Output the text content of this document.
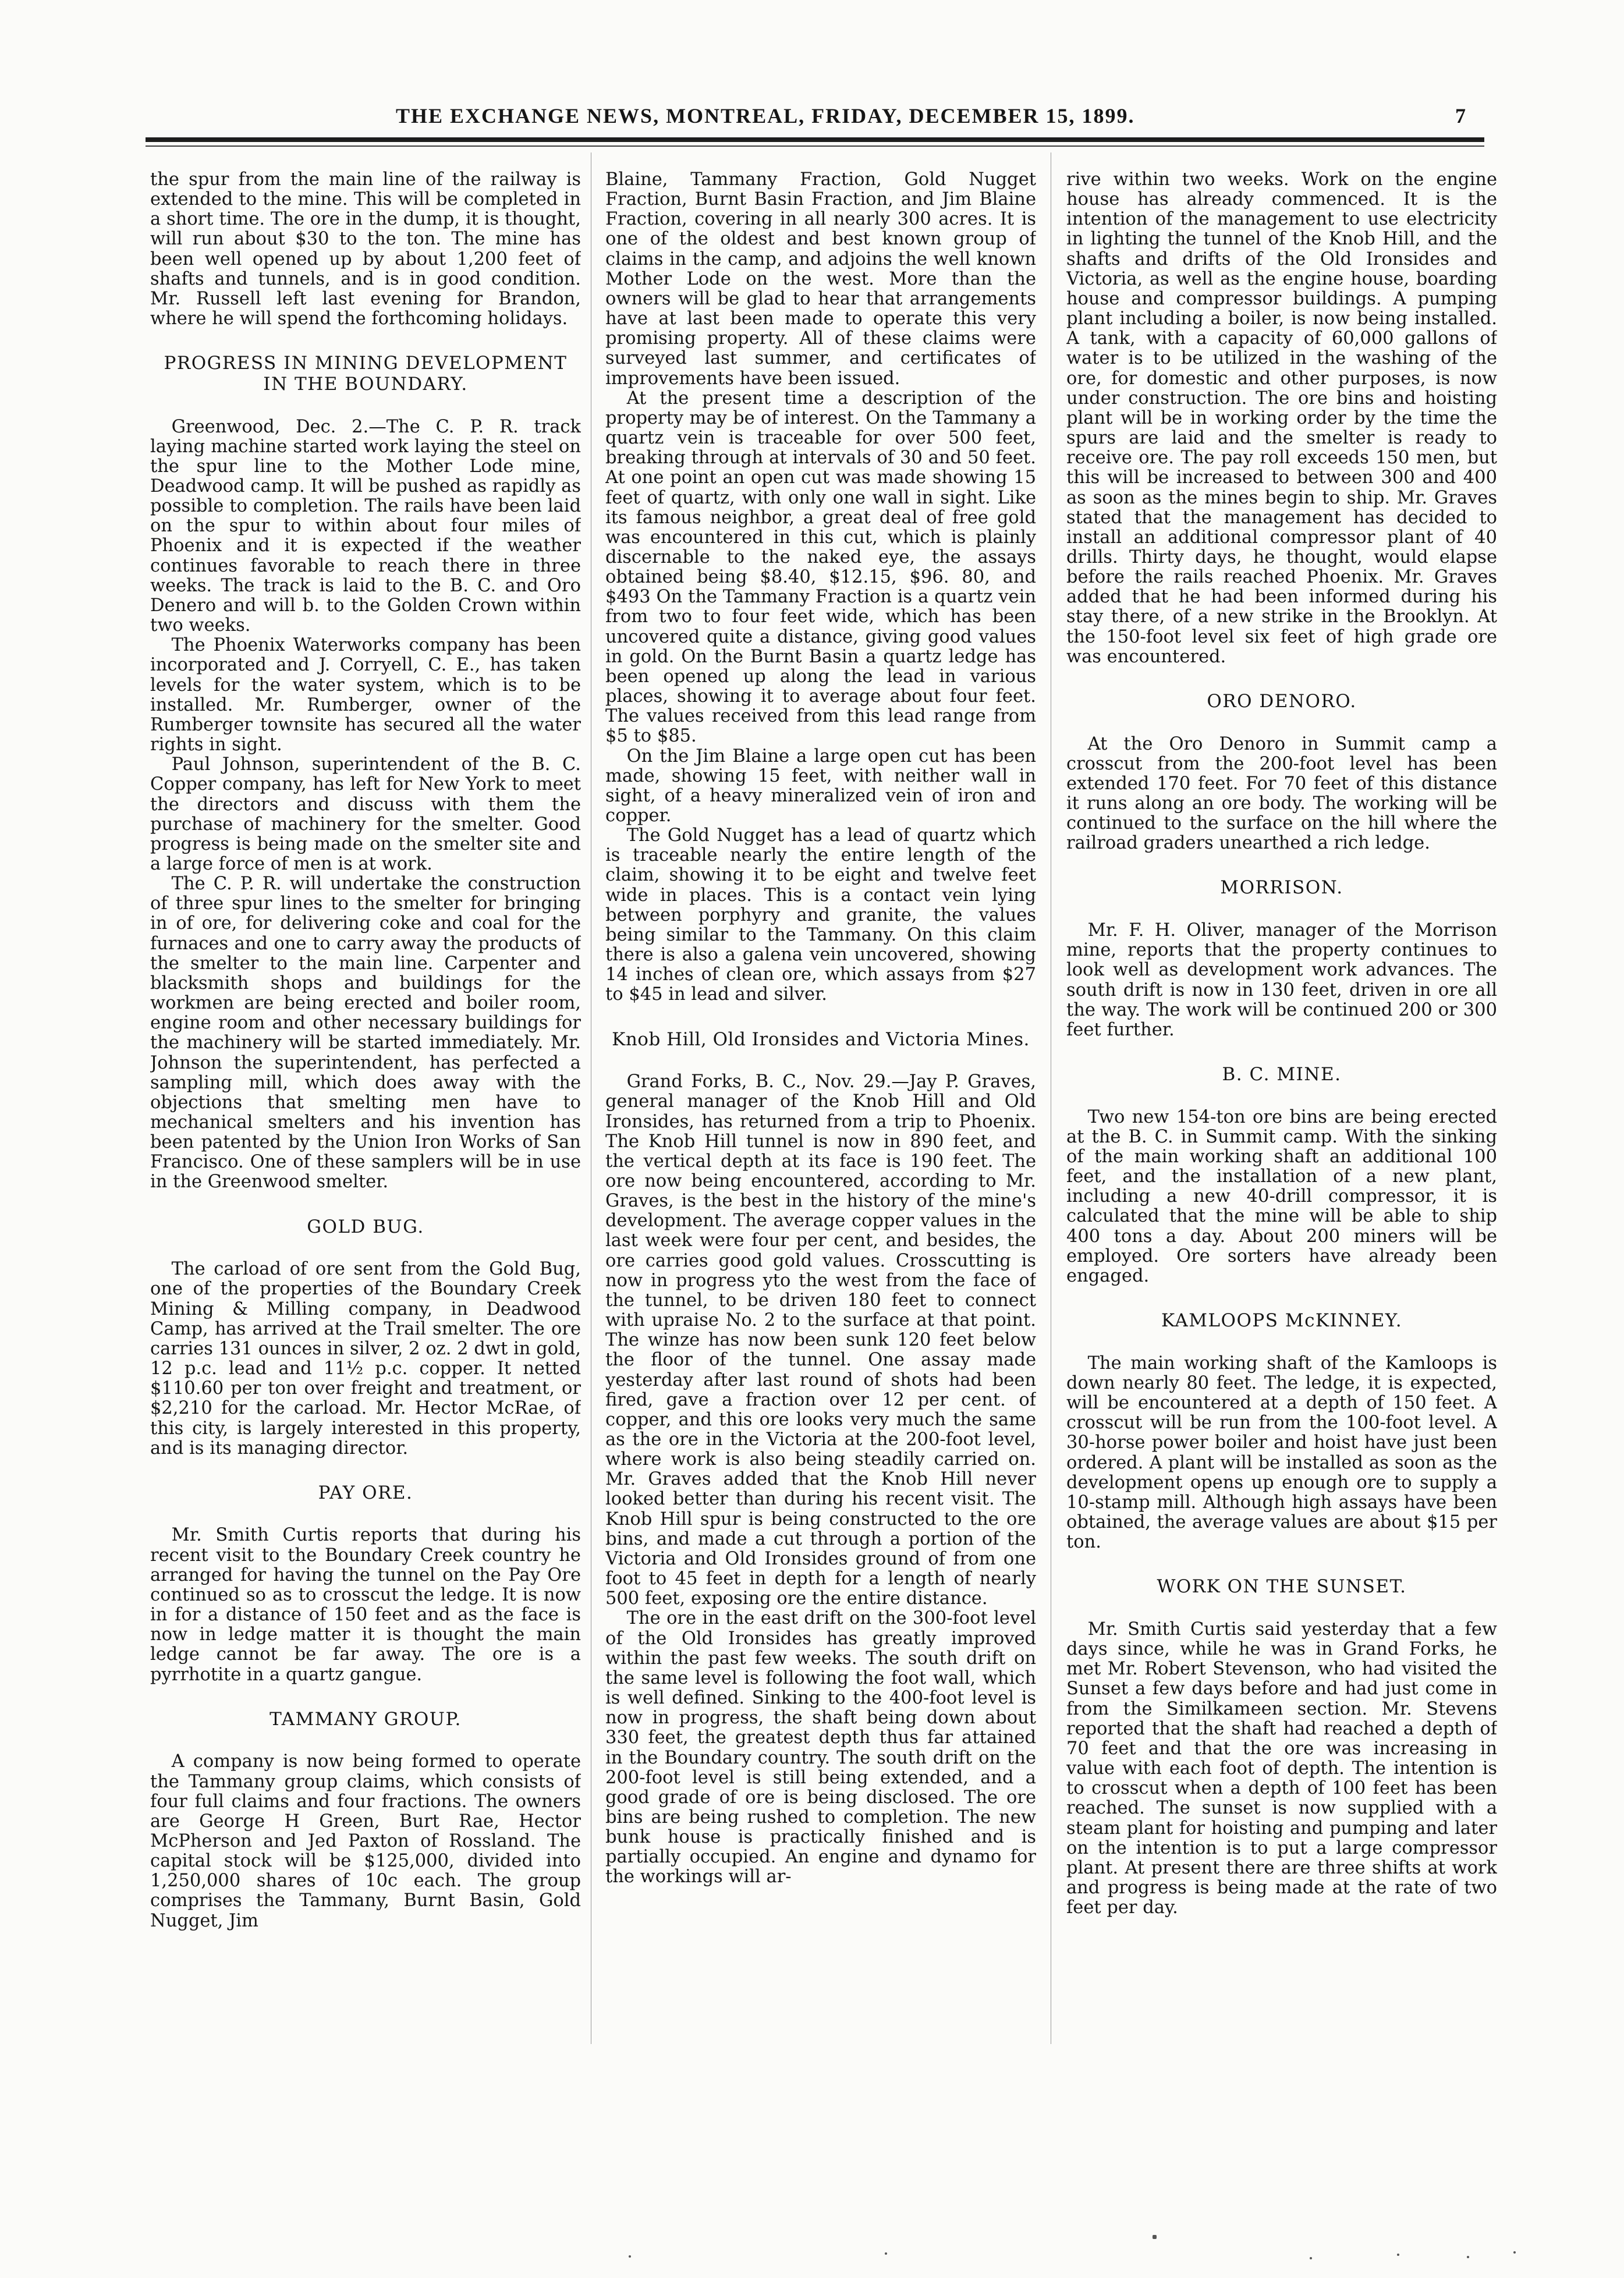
THE EXCHANGE NEWS, MONTREAL, FRIDAY, DECEMBER 15, 1899.	7

the spur from the main line of the railway is extended to the mine. This will be completed in a short time. The ore in the dump, it is thought, will run about $30 to the ton. The mine has been well opened up by about 1,200 feet of shafts and tunnels, and is in good condition. Mr. Russell left last evening for Brandon, where he will spend the forthcoming holidays.

PROGRESS IN MINING DEVELOPMENT IN THE BOUNDARY.

Greenwood, Dec. 2.—The C. P. R. track laying machine started work laying the steel on the spur line to the Mother Lode mine, Deadwood camp. It will be pushed as rapidly as possible to completion. The rails have been laid on the spur to within about four miles of Phoenix and it is expected if the weather continues favorable to reach there in three weeks. The track is laid to the B. C. and Oro Denero and will b. to the Golden Crown within two weeks.

The Phoenix Waterworks company has been incorporated and J. Corryell, C. E., has taken levels for the water system, which is to be installed. Mr. Rumberger, owner of the Rumberger townsite has secured all the water rights in sight.

Paul Johnson, superintendent of the B. C. Copper company, has left for New York to meet the directors and discuss with them the purchase of machinery for the smelter. Good progress is being made on the smelter site and a large force of men is at work.

The C. P. R. will undertake the construction of three spur lines to the smelter for bringing in of ore, for delivering coke and coal for the furnaces and one to carry away the products of the smelter to the main line. Carpenter and blacksmith shops and buildings for the workmen are being erected and boiler room, engine room and other necessary buildings for the machinery will be started immediately. Mr. Johnson the superintendent, has perfected a sampling mill, which does away with the objections that smelting men have to mechanical smelters and his invention has been patented by the Union Iron Works of San Francisco. One of these samplers will be in use in the Greenwood smelter.

GOLD BUG.

The carload of ore sent from the Gold Bug, one of the properties of the Boundary Creek Mining & Milling company, in Deadwood Camp, has arrived at the Trail smelter. The ore carries 131 ounces in silver, 2 oz. 2 dwt in gold, 12 p.c. lead and 11½ p.c. copper. It netted $110.60 per ton over freight and treatment, or $2,210 for the carload. Mr. Hector McRae, of this city, is largely interested in this property, and is its managing director.

PAY ORE.

Mr. Smith Curtis reports that during his recent visit to the Boundary Creek country he arranged for having the tunnel on the Pay Ore continued so as to crosscut the ledge. It is now in for a distance of 150 feet and as the face is now in ledge matter it is thought the main ledge cannot be far away. The ore is a pyrrhotite in a quartz gangue.

TAMMANY GROUP.

A company is now being formed to operate the Tammany group claims, which consists of four full claims and four fractions. The owners are George H Green, Burt Rae, Hector McPherson and Jed Paxton of Rossland. The capital stock will be $125,000, divided into 1,250,000 shares of 10c each. The group comprises the Tammany, Burnt Basin, Gold Nugget, Jim

Blaine, Tammany Fraction, Gold Nugget Fraction, Burnt Basin Fraction, and Jim Blaine Fraction, covering in all nearly 300 acres. It is one of the oldest and best known group of claims in the camp, and adjoins the well known Mother Lode on the west. More than the owners will be glad to hear that arrangements have at last been made to operate this very promising property. All of these claims were surveyed last summer, and certificates of improvements have been issued.

At the present time a description of the property may be of interest. On the Tammany a quartz vein is traceable for over 500 feet, breaking through at intervals of 30 and 50 feet. At one point an open cut was made showing 15 feet of quartz, with only one wall in sight. Like its famous neighbor, a great deal of free gold was encountered in this cut, which is plainly discernable to the naked eye, the assays obtained being $8.40, $12.15, $96. 80, and $493 On the Tammany Fraction is a quartz vein from two to four feet wide, which has been uncovered quite a distance, giving good values in gold. On the Burnt Basin a quartz ledge has been opened up along the lead in various places, showing it to average about four feet. The values received from this lead range from $5 to $85.

On the Jim Blaine a large open cut has been made, showing 15 feet, with neither wall in sight, of a heavy mineralized vein of iron and copper.

The Gold Nugget has a lead of quartz which is traceable nearly the entire length of the claim, showing it to be eight and twelve feet wide in places. This is a contact vein lying between porphyry and granite, the values being similar to the Tammany. On this claim there is also a galena vein uncovered, showing 14 inches of clean ore, which assays from $27 to $45 in lead and silver.

Knob Hill, Old Ironsides and Victoria Mines.

Grand Forks, B. C., Nov. 29.—Jay P. Graves, general manager of the Knob Hill and Old Ironsides, has returned from a trip to Phoenix. The Knob Hill tunnel is now in 890 feet, and the vertical depth at its face is 190 feet. The ore now being encountered, according to Mr. Graves, is the best in the history of the mine's development. The average copper values in the last week were four per cent, and besides, the ore carries good gold values. Crosscutting is now in progress yto the west from the face of the tunnel, to be driven 180 feet to connect with upraise No. 2 to the surface at that point. The winze has now been sunk 120 feet below the floor of the tunnel. One assay made yesterday after last round of shots had been fired, gave a fraction over 12 per cent. of copper, and this ore looks very much the same as the ore in the Victoria at the 200-foot level, where work is also being steadily carried on. Mr. Graves added that the Knob Hill never looked better than during his recent visit. The Knob Hill spur is being constructed to the ore bins, and made a cut through a portion of the Victoria and Old Ironsides ground of from one foot to 45 feet in depth for a length of nearly 500 feet, exposing ore the entire distance.

The ore in the east drift on the 300-foot level of the Old Ironsides has greatly improved within the past few weeks. The south drift on the same level is following the foot wall, which is well defined. Sinking to the 400-foot level is now in progress, the shaft being down about 330 feet, the greatest depth thus far attained in the Boundary country. The south drift on the 200-foot level is still being extended, and a good grade of ore is being disclosed. The ore bins are being rushed to completion. The new bunk house is practically finished and is partially occupied. An engine and dynamo for the workings will ar-

rive within two weeks. Work on the engine house has already commenced. It is the intention of the management to use electricity in lighting the tunnel of the Knob Hill, and the shafts and drifts of the Old Ironsides and Victoria, as well as the engine house, boarding house and compressor buildings. A pumping plant including a boiler, is now being installed. A tank, with a capacity of 60,000 gallons of water is to be utilized in the washing of the ore, for domestic and other purposes, is now under construction. The ore bins and hoisting plant will be in working order by the time the spurs are laid and the smelter is ready to receive ore. The pay roll exceeds 150 men, but this will be increased to between 300 and 400 as soon as the mines begin to ship. Mr. Graves stated that the management has decided to install an additional compressor plant of 40 drills. Thirty days, he thought, would elapse before the rails reached Phoenix. Mr. Graves added that he had been informed during his stay there, of a new strike in the Brooklyn. At the 150-foot level six feet of high grade ore was encountered.

ORO DENORO.

At the Oro Denoro in Summit camp a crosscut from the 200-foot level has been extended 170 feet. For 70 feet of this distance it runs along an ore body. The working will be continued to the surface on the hill where the railroad graders unearthed a rich ledge.

MORRISON.

Mr. F. H. Oliver, manager of the Morrison mine, reports that the property continues to look well as development work advances. The south drift is now in 130 feet, driven in ore all the way. The work will be continued 200 or 300 feet further.

B. C. MINE.

Two new 154-ton ore bins are being erected at the B. C. in Summit camp. With the sinking of the main working shaft an additional 100 feet, and the installation of a new plant, including a new 40-drill compressor, it is calculated that the mine will be able to ship 400 tons a day. About 200 miners will be employed. Ore sorters have already been engaged.

KAMLOOPS McKINNEY.

The main working shaft of the Kamloops is down nearly 80 feet. The ledge, it is expected, will be encountered at a depth of 150 feet. A crosscut will be run from the 100-foot level. A 30-horse power boiler and hoist have just been ordered. A plant will be installed as soon as the development opens up enough ore to supply a 10-stamp mill. Although high assays have been obtained, the average values are about $15 per ton.

WORK ON THE SUNSET.

Mr. Smith Curtis said yesterday that a few days since, while he was in Grand Forks, he met Mr. Robert Stevenson, who had visited the Sunset a few days before and had just come in from the Similkameen section. Mr. Stevens reported that the shaft had reached a depth of 70 feet and that the ore was increasing in value with each foot of depth. The intention is to crosscut when a depth of 100 feet has been reached. The sunset is now supplied with a steam plant for hoisting and pumping and later on the intention is to put a large compressor plant. At present there are three shifts at work and progress is being made at the rate of two feet per day.
